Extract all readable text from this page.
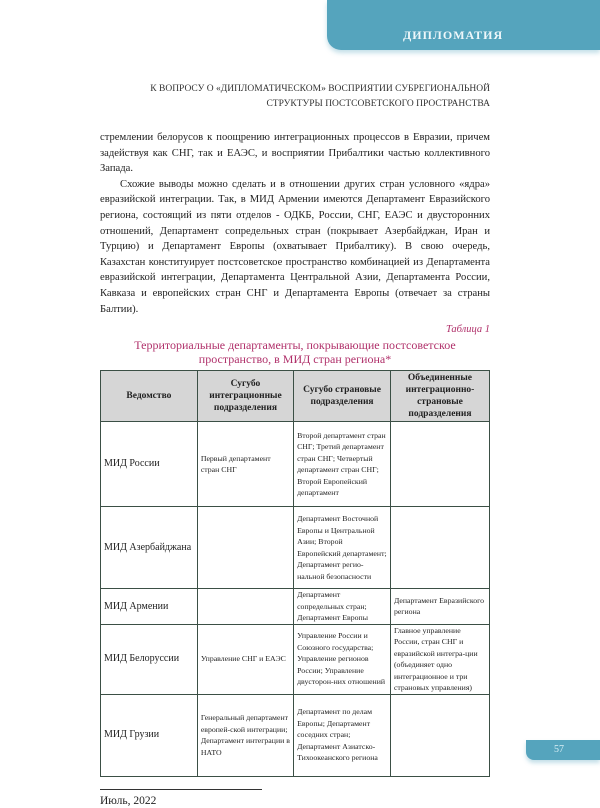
ДИПЛОМАТИЯ
К ВОПРОСУ О «ДИПЛОМАТИЧЕСКОМ» ВОСПРИЯТИИ СУБРЕГИОНАЛЬНОЙ
СТРУКТУРЫ ПОСТСОВЕТСКОГО ПРОСТРАНСТВА

стремлении белорусов к поощрению интеграционных процессов в Евразии, причем задействуя как СНГ, так и ЕАЭС, и восприятии Прибалтики частью коллективного Запада.

Схожие выводы можно сделать и в отношении других стран условного «ядра» евразийской интеграции. Так, в МИД Армении имеются Департамент Евразийского региона, состоящий из пяти отделов - ОДКБ, России, СНГ, ЕАЭС и двусторонних отношений, Департамент сопредельных стран (покрывает Азербайджан, Иран и Турцию) и Департамент Европы (охватывает Прибалтику). В свою очередь, Казахстан конституирует постсоветское пространство комбинацией из Департамента евразийской интеграции, Департамента Центральной Азии, Департамента России, Кавказа и европейских стран СНГ и Департамента Европы (отвечает за страны Балтии).

Таблица 1
Территориальные департаменты, покрывающие постсоветское пространство, в МИД стран региона*
Ведомство	Сугубо интеграционные подразделения	Сугубо страновые подразделения	Объединенные интеграционно-страновые подразделения
МИД России	Первый департамент стран СНГ	Второй департамент стран СНГ; Третий департамент стран СНГ; Четвертый департамент стран СНГ; Второй Европейский департамент	
МИД Азербайджана		Департамент Восточной Европы и Центральной Азии; Второй Европейский департамент; Департамент регио-нальной безопасности	
МИД Армении		Департамент сопредельных стран; Департамент Европы	Департамент Евразийского региона
МИД Белоруссии	Управление СНГ и ЕАЭС	Управление России и Союзного государства; Управление регионов России; Управление двусторон-них отношений	Главное управление России, стран СНГ и евразийской интегра-ции (объединяет одно интеграционное и три страновых управления)
МИД Грузии	Генеральный департамент европей-ской интеграции; Департамент интеграции в НАТО	Департамент по делам Европы; Департамент соседних стран; Департамент Азиатско-Тихоокеанского региона	
Июль, 2022
57
